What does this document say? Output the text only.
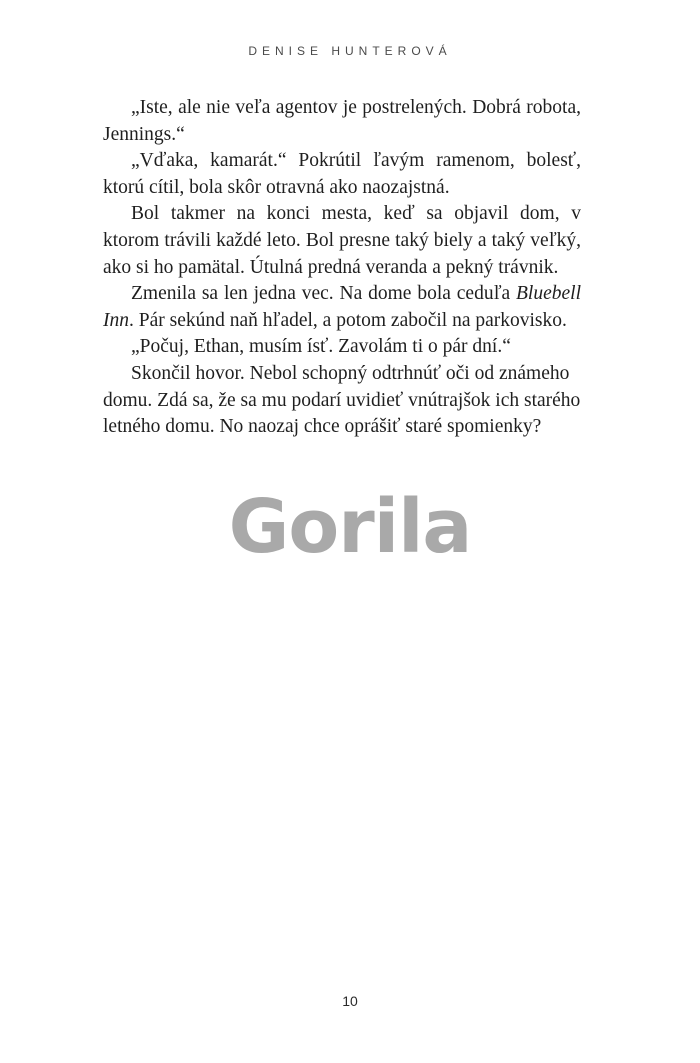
DENISE HUNTEROVÁ

„Iste, ale nie veľa agentov je postrelených. Dobrá robota, Jennings.“

„Vďaka, kamarát.“ Pokrútil ľavým ramenom, bolesť, ktorú cítil, bola skôr otravná ako naozajstná.

Bol takmer na konci mesta, keď sa objavil dom, v ktorom trávili každé leto. Bol presne taký biely a taký veľký, ako si ho pamätal. Útulná predná veranda a pekný trávnik.

Zmenila sa len jedna vec. Na dome bola ceduľa Bluebell Inn. Pár sekúnd naň hľadel, a potom zabočil na parkovisko.

„Počuj, Ethan, musím ísť. Zavolám ti o pár dní.“

Skončil hovor. Nebol schopný odtrhnúť oči od známeho domu. Zdá sa, že sa mu podarí uvidieť vnútrajšok ich starého letného domu. No naozaj chce oprášiť staré spomienky?

Gorila
10
